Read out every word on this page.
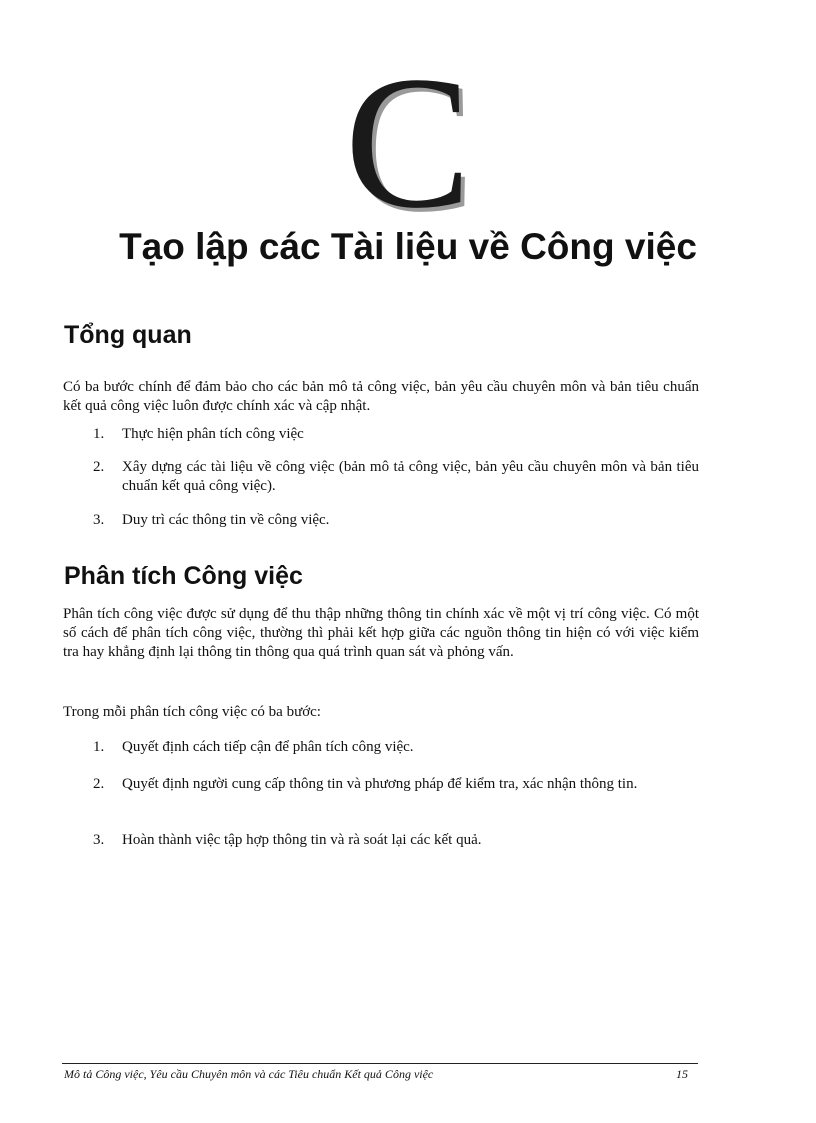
C
Tạo lập các Tài liệu về Công việc
Tổng quan

Có ba bước chính để đảm bảo cho các bản mô tả công việc, bản yêu cầu chuyên môn và bản tiêu chuẩn kết quả công việc luôn được chính xác và cập nhật.

1. Thực hiện phân tích công việc
2. Xây dựng các tài liệu về công việc (bản mô tả công việc, bản yêu cầu chuyên môn và bản tiêu chuẩn kết quả công việc).
3. Duy trì các thông tin về công việc.
Phân tích Công việc

Phân tích công việc được sử dụng để thu thập những thông tin chính xác về một vị trí công việc. Có một số cách để phân tích công việc, thường thì phải kết hợp giữa các nguồn thông tin hiện có với việc kiểm tra hay khẳng định lại thông tin thông qua quá trình quan sát và phỏng vấn.

Trong mỗi phân tích công việc có ba bước:

1. Quyết định cách tiếp cận để phân tích công việc.
2. Quyết định người cung cấp thông tin và phương pháp để kiểm tra, xác nhận thông tin.
3. Hoàn thành việc tập hợp thông tin và rà soát lại các kết quả.
Mô tả Công việc, Yêu cầu Chuyên môn và các Tiêu chuẩn Kết quả Công việc	15
